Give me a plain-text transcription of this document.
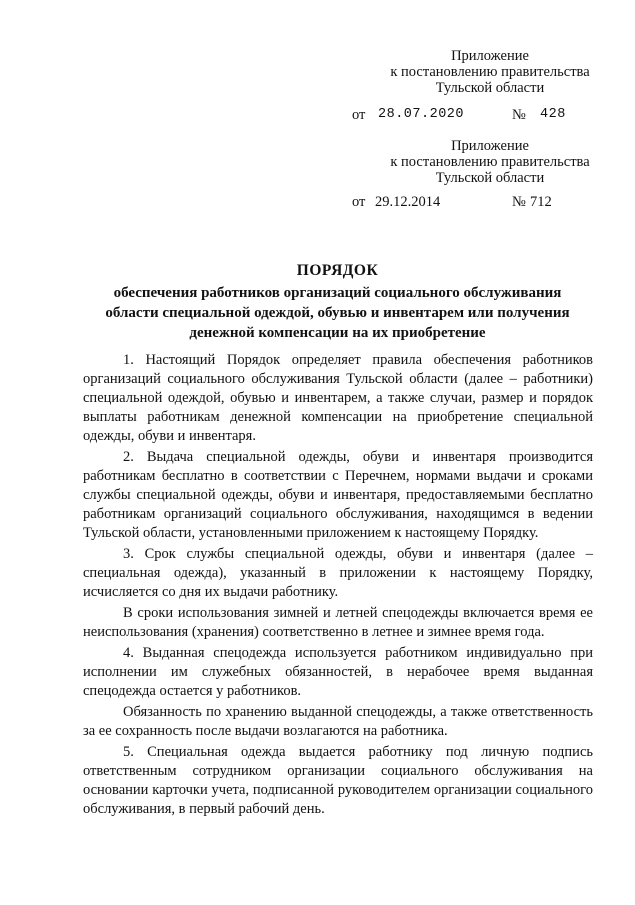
Приложение
к постановлению правительства
Тульской области
от 28.07.2020	№ 428
Приложение
к постановлению правительства
Тульской области
от 29.12.2014	№ 712
ПОРЯДОК
обеспечения работников организаций социального обслуживания
области специальной одеждой, обувью и инвентарем или получения
денежной компенсации на их приобретение

1. Настоящий Порядок определяет правила обеспечения работников организаций социального обслуживания Тульской области (далее – работники) специальной одеждой, обувью и инвентарем, а также случаи, размер и порядок выплаты работникам денежной компенсации на приобретение специальной одежды, обуви и инвентаря.

2. Выдача специальной одежды, обуви и инвентаря производится работникам бесплатно в соответствии с Перечнем, нормами выдачи и сроками службы специальной одежды, обуви и инвентаря, предоставляемыми бесплатно работникам организаций социального обслуживания, находящимся в ведении Тульской области, установленными приложением к настоящему Порядку.

3. Срок службы специальной одежды, обуви и инвентаря (далее – специальная одежда), указанный в приложении к настоящему Порядку, исчисляется со дня их выдачи работнику.

В сроки использования зимней и летней спецодежды включается время ее неиспользования (хранения) соответственно в летнее и зимнее время года.

4. Выданная спецодежда используется работником индивидуально при исполнении им служебных обязанностей, в нерабочее время выданная спецодежда остается у работников.

Обязанность по хранению выданной спецодежды, а также ответственность за ее сохранность после выдачи возлагаются на работника.

5. Специальная одежда выдается работнику под личную подпись ответственным сотрудником организации социального обслуживания на основании карточки учета, подписанной руководителем организации социального обслуживания, в первый рабочий день.
